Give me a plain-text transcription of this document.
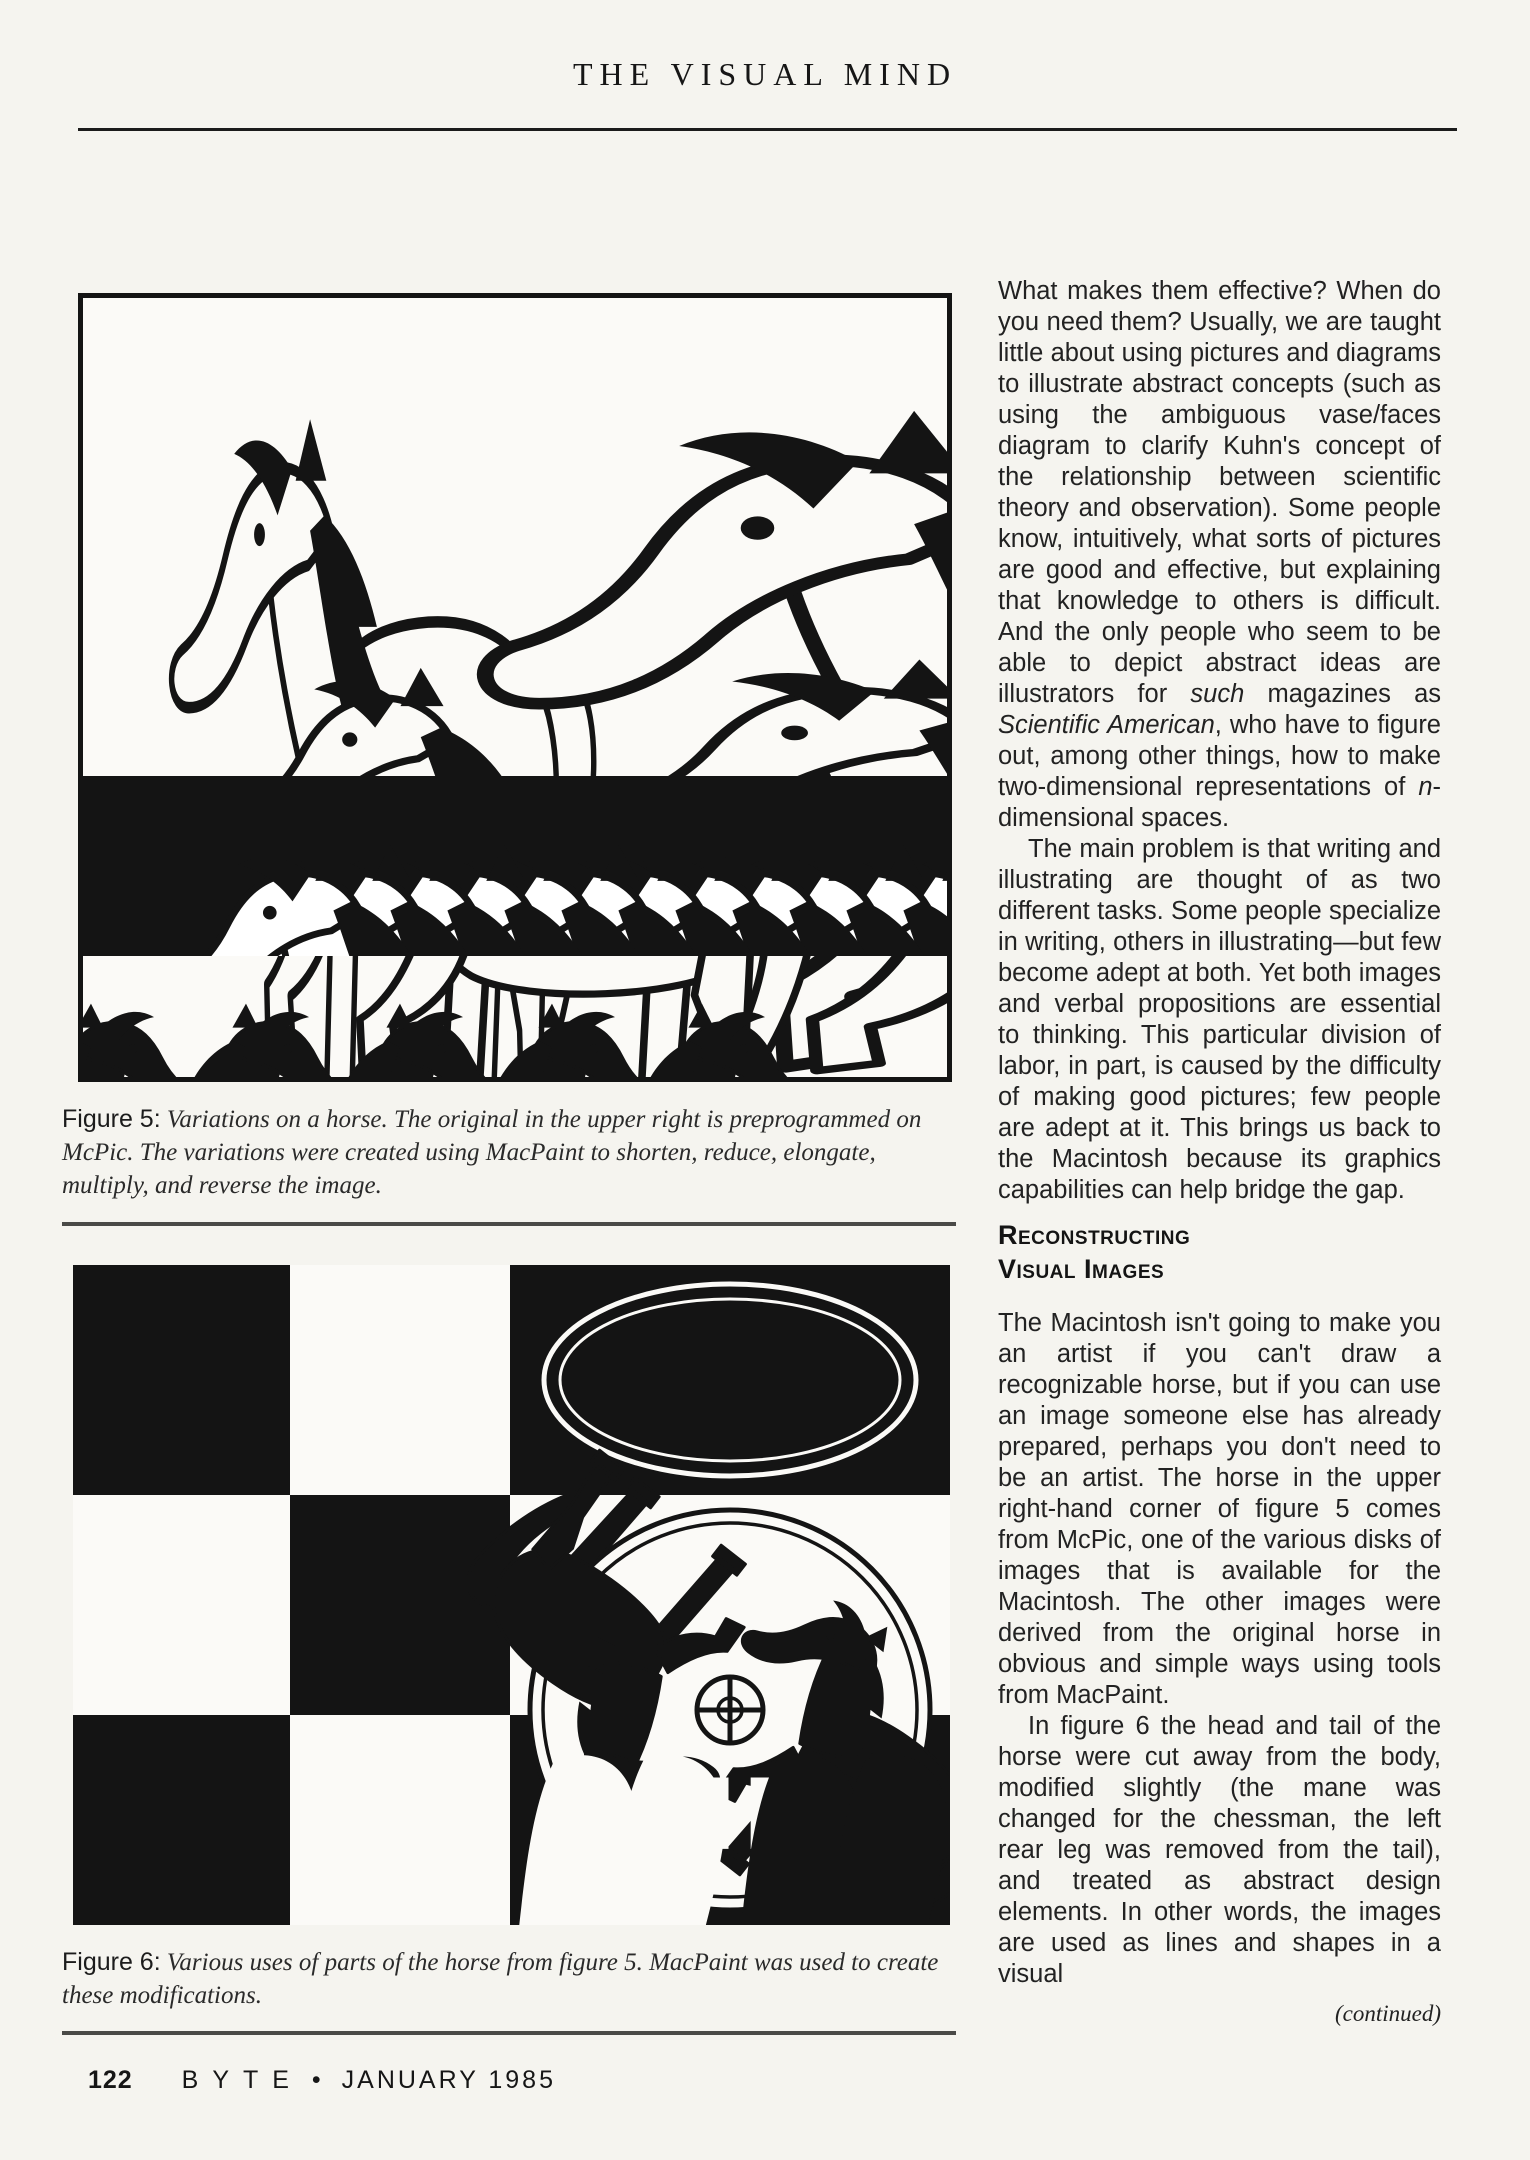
THE VISUAL MIND
Figure 5: Variations on a horse. The original in the upper right is preprogrammed on McPic. The variations were created using MacPaint to shorten, reduce, elongate, multiply, and reverse the image.
Figure 6: Various uses of parts of the horse from figure 5. MacPaint was used to create these modifications.

What makes them effective? When do you need them? Usually, we are taught little about using pictures and diagrams to illustrate abstract concepts (such as using the ambiguous vase/faces diagram to clarify Kuhn's concept of the relationship between scientific theory and observation). Some people know, intuitively, what sorts of pictures are good and effective, but explaining that knowledge to others is difficult. And the only people who seem to be able to depict abstract ideas are illustrators for such magazines as Scientific American, who have to figure out, among other things, how to make two-dimensional representations of n-dimensional spaces.

The main problem is that writing and illustrating are thought of as two different tasks. Some people specialize in writing, others in illustrating—but few become adept at both. Yet both images and verbal propositions are essential to thinking. This particular division of labor, in part, is caused by the difficulty of making good pictures; few people are adept at it. This brings us back to the Macintosh because its graphics capabilities can help bridge the gap.

Reconstructing
Visual Images

The Macintosh isn't going to make you an artist if you can't draw a recognizable horse, but if you can use an image someone else has already prepared, perhaps you don't need to be an artist. The horse in the upper right-hand corner of figure 5 comes from McPic, one of the various disks of images that is available for the Macintosh. The other images were derived from the original horse in obvious and simple ways using tools from MacPaint.

In figure 6 the head and tail of the horse were cut away from the body, modified slightly (the mane was changed for the chessman, the left rear leg was removed from the tail), and treated as abstract design elements. In other words, the images are used as lines and shapes in a visual

(continued)
122 BYTE • JANUARY 1985
